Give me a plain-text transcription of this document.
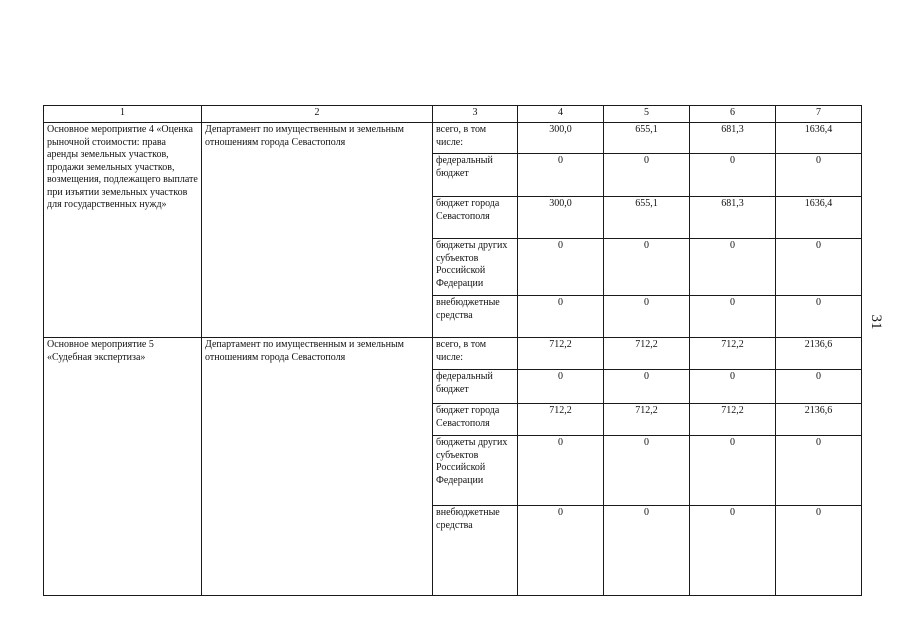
1	2	3	4	5	6	7
Основное мероприятие 4 «Оценка рыночной стоимости: права аренды земельных участков, продажи земельных участков, возмещения, подлежащего выплате при изъятии земельных участков для государственных нужд»	Департамент по имущественным и земельным отношениям города Севастополя	всего, в том числе:	300,0	655,1	681,3	1636,4
		федеральный бюджет	0	0	0	0
		бюджет города Севастополя	300,0	655,1	681,3	1636,4
		бюджеты других субъектов Российской Федерации	0	0	0	0
		внебюджетные средства	0	0	0	0
Основное мероприятие 5 «Судебная экспертиза»	Департамент по имущественным и земельным отношениям города Севастополя	всего, в том числе:	712,2	712,2	712,2	2136,6
		федеральный бюджет	0	0	0	0
		бюджет города Севастополя	712,2	712,2	712,2	2136,6
		бюджеты других субъектов Российской Федерации	0	0	0	0
		внебюджетные средства	0	0	0	0
31
